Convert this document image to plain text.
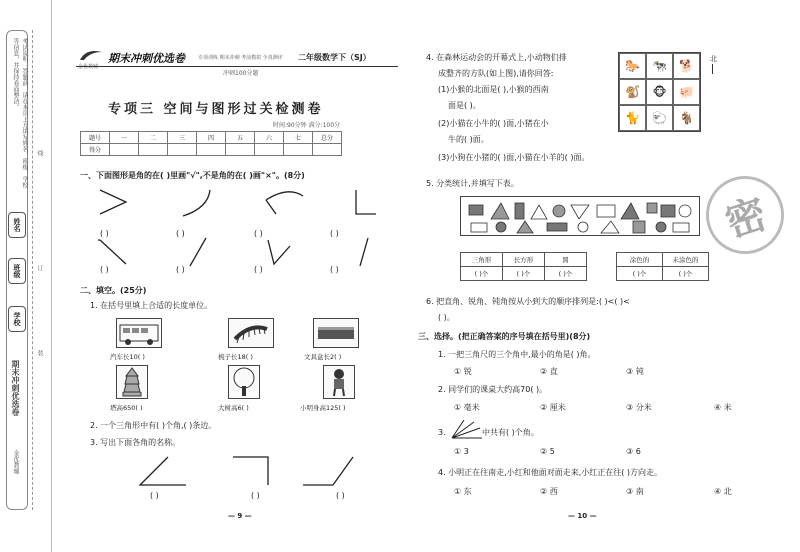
考试说明：答题前，请在本页上方填写姓名、班级、学校等信息，并保持卷面整洁。
姓名
班级
学校
期末冲刺优选卷
金优教辅
线
订
装
金优教辅
期末冲刺优选卷	专项训练 期末冲刺 考前模拟 全真测评 二年级数学下（SJ）
冲刺100分题
专项三 空间与图形过关检测卷
时间:90分钟 满分:100分
题号	一	二	三	四	五	六	七	总分
得分								
一、下面图形是角的在( )里画"√",不是角的在( )画"×"。(8分)
( )	( )	( )	( )
( )	( )	( )	( )
二、填空。(25分)
1. 在括号里填上合适的长度单位。
汽车长10( )	梳子长18( )	文具盒长2( )
塔高650( )	大树高6( )	小明身高125( )
2. 一个三角形中有( )个角,( )条边。
3. 写出下面各角的名称。
( )	( )	( )
— 9 —
4. 在森林运动会的开幕式上,小动物们排
成整齐的方队(如上图),请你回答:
(1)小猴的北面是( ),小猴的西南
面是( )。
(2)小猫在小牛的( )面,小猪在小
牛的( )面。
(3)小狗在小猪的( )面,小猫在小羊的( )面。
🐎	🐄	🐕
🐒	🐵	🐖
🐈	🐑	🐐
北
5. 分类统计,并填写下表。
三角形	长方形	圆
( )个	( )个	( )个
涂色的	未涂色的
( )个	( )个
6. 把直角、锐角、钝角按从小到大的顺序排列是:( )<( )<
( )。
三、选择。(把正确答案的序号填在括号里)(8分)
1. 一把三角尺的三个角中,最小的角是( )角。
① 锐	② 直	③ 钝
2. 同学们的课桌大约高70( )。
① 毫米	② 厘米	③ 分米	④ 米
3.	中共有( )个角。
① 3	② 5	③ 6
4. 小明正在往南走,小红和他面对面走来,小红正在往( )方向走。
① 东	② 西	③ 南	④ 北
— 10 —
密
